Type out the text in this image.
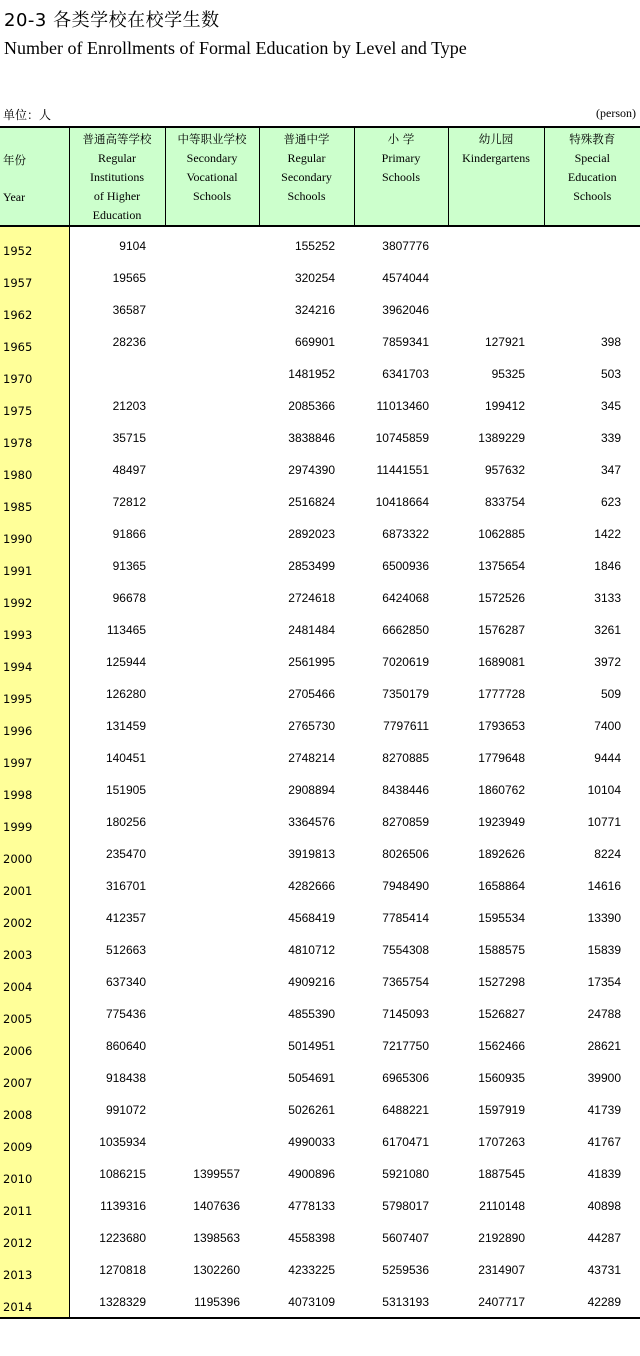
20-3 各类学校在校学生数
Number of Enrollments of Formal Education by Level and Type
单位：人	(person)
年份
Year	普通高等学校
Regular
Institutions
of Higher
Education	中等职业学校
Secondary
Vocational
Schools	普通中学
Regular
Secondary
Schools	小 学
Primary
Schools	幼儿园
Kindergartens	特殊教育
Special
Education
Schools
1952	9104		155252	3807776		
1957	19565		320254	4574044		
1962	36587		324216	3962046		
1965	28236		669901	7859341	127921	398
1970			1481952	6341703	95325	503
1975	21203		2085366	11013460	199412	345
1978	35715		3838846	10745859	1389229	339
1980	48497		2974390	11441551	957632	347
1985	72812		2516824	10418664	833754	623
1990	91866		2892023	6873322	1062885	1422
1991	91365		2853499	6500936	1375654	1846
1992	96678		2724618	6424068	1572526	3133
1993	113465		2481484	6662850	1576287	3261
1994	125944		2561995	7020619	1689081	3972
1995	126280		2705466	7350179	1777728	509
1996	131459		2765730	7797611	1793653	7400
1997	140451		2748214	8270885	1779648	9444
1998	151905		2908894	8438446	1860762	10104
1999	180256		3364576	8270859	1923949	10771
2000	235470		3919813	8026506	1892626	8224
2001	316701		4282666	7948490	1658864	14616
2002	412357		4568419	7785414	1595534	13390
2003	512663		4810712	7554308	1588575	15839
2004	637340		4909216	7365754	1527298	17354
2005	775436		4855390	7145093	1526827	24788
2006	860640		5014951	7217750	1562466	28621
2007	918438		5054691	6965306	1560935	39900
2008	991072		5026261	6488221	1597919	41739
2009	1035934		4990033	6170471	1707263	41767
2010	1086215	1399557	4900896	5921080	1887545	41839
2011	1139316	1407636	4778133	5798017	2110148	40898
2012	1223680	1398563	4558398	5607407	2192890	44287
2013	1270818	1302260	4233225	5259536	2314907	43731
2014	1328329	1195396	4073109	5313193	2407717	42289
